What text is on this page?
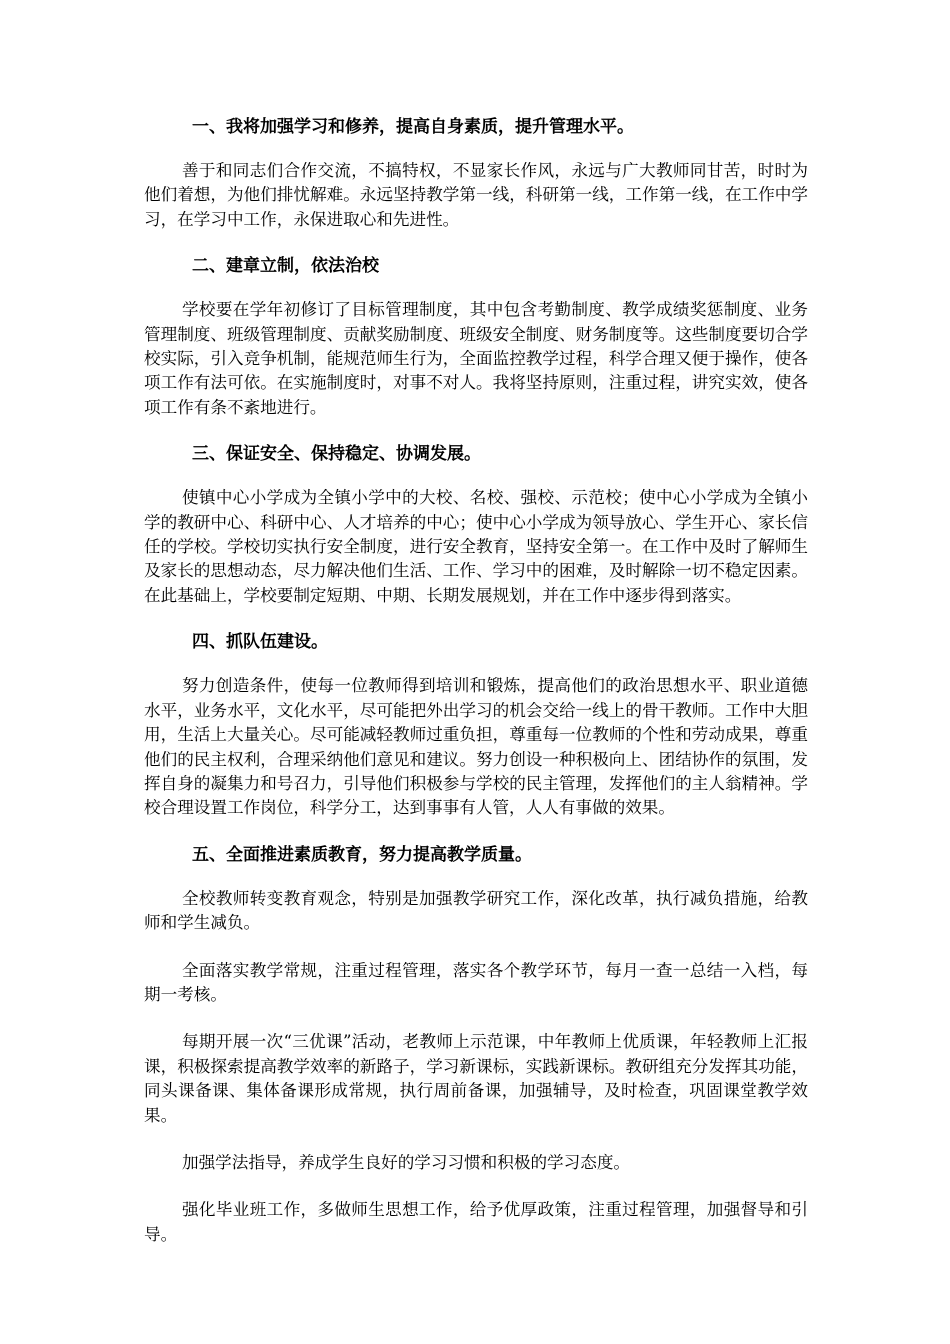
一、我将加强学习和修养，提高自身素质，提升管理水平。

善于和同志们合作交流，不搞特权，不显家长作风，永远与广大教师同甘苦，时时为他们着想，为他们排忧解难。永远坚持教学第一线，科研第一线，工作第一线，在工作中学习，在学习中工作，永保进取心和先进性。

二、建章立制，依法治校

学校要在学年初修订了目标管理制度，其中包含考勤制度、教学成绩奖惩制度、业务管理制度、班级管理制度、贡献奖励制度、班级安全制度、财务制度等。这些制度要切合学校实际，引入竞争机制，能规范师生行为，全面监控教学过程，科学合理又便于操作，使各项工作有法可依。在实施制度时，对事不对人。我将坚持原则，注重过程，讲究实效，使各项工作有条不紊地进行。

三、保证安全、保持稳定、协调发展。

使镇中心小学成为全镇小学中的大校、名校、强校、示范校；使中心小学成为全镇小学的教研中心、科研中心、人才培养的中心；使中心小学成为领导放心、学生开心、家长信任的学校。学校切实执行安全制度，进行安全教育，坚持安全第一。在工作中及时了解师生及家长的思想动态，尽力解决他们生活、工作、学习中的困难，及时解除一切不稳定因素。在此基础上，学校要制定短期、中期、长期发展规划，并在工作中逐步得到落实。

四、抓队伍建设。

努力创造条件，使每一位教师得到培训和锻炼，提高他们的政治思想水平、职业道德水平，业务水平，文化水平，尽可能把外出学习的机会交给一线上的骨干教师。工作中大胆用，生活上大量关心。尽可能减轻教师过重负担，尊重每一位教师的个性和劳动成果，尊重他们的民主权利，合理采纳他们意见和建议。努力创设一种积极向上、团结协作的氛围，发挥自身的凝集力和号召力，引导他们积极参与学校的民主管理，发挥他们的主人翁精神。学校合理设置工作岗位，科学分工，达到事事有人管，人人有事做的效果。

五、全面推进素质教育，努力提高教学质量。

全校教师转变教育观念，特别是加强教学研究工作，深化改革，执行减负措施，给教师和学生减负。

全面落实教学常规，注重过程管理，落实各个教学环节，每月一查一总结一入档，每期一考核。

每期开展一次“三优课”活动，老教师上示范课，中年教师上优质课，年轻教师上汇报课，积极探索提高教学效率的新路子，学习新课标，实践新课标。教研组充分发挥其功能，同头课备课、集体备课形成常规，执行周前备课，加强辅导，及时检查，巩固课堂教学效果。

加强学法指导，养成学生良好的学习习惯和积极的学习态度。

强化毕业班工作，多做师生思想工作，给予优厚政策，注重过程管理，加强督导和引导。
